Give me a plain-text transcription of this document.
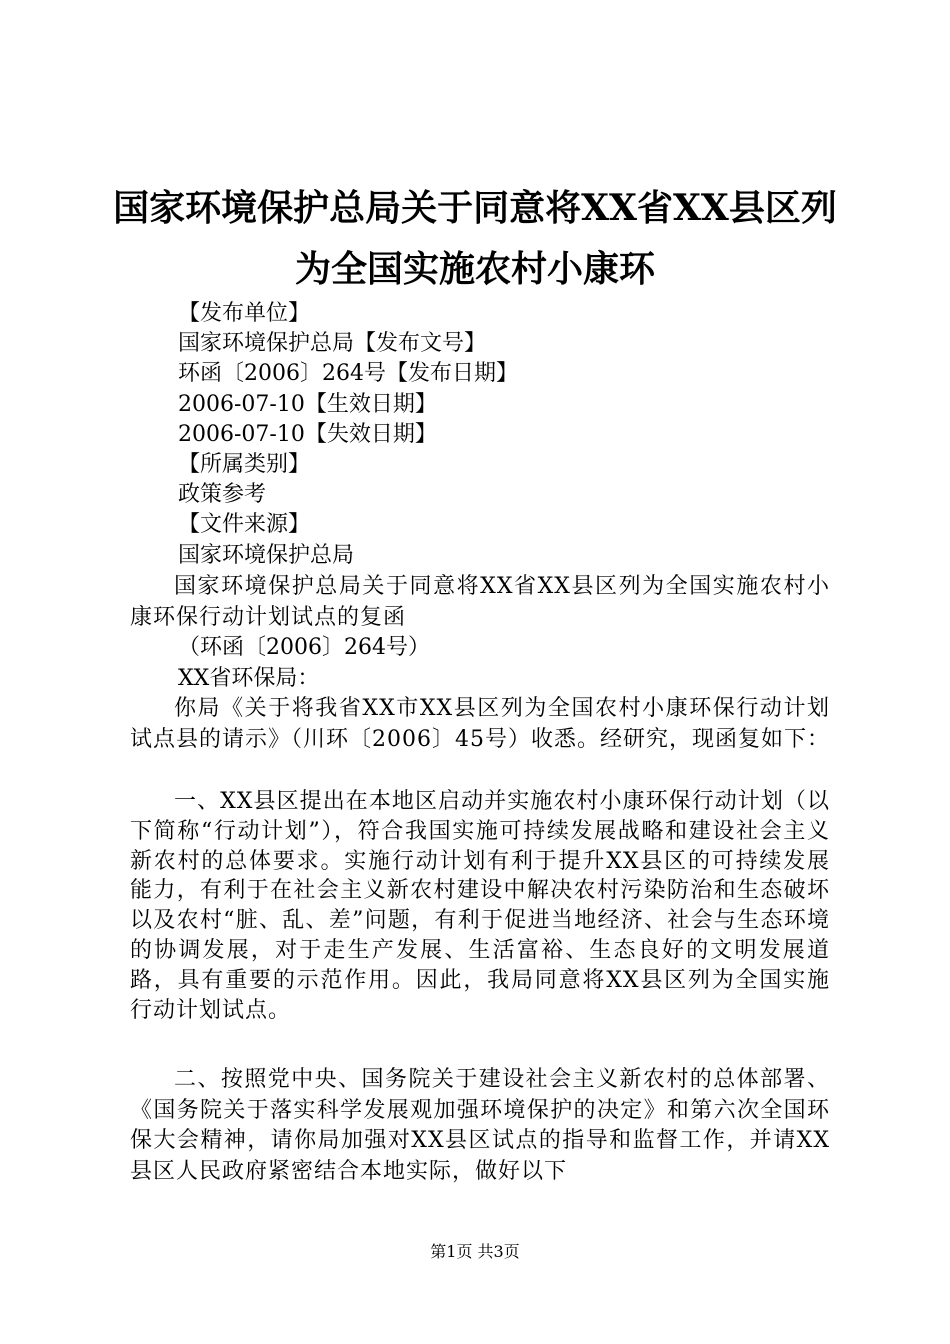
国家环境保护总局关于同意将XX省XX县区列
为全国实施农村小康环
【发布单位】
国家环境保护总局【发布文号】
环函〔2006〕264号【发布日期】
2006-07-10【生效日期】
2006-07-10【失效日期】
【所属类别】
政策参考
【文件来源】
国家环境保护总局

国家环境保护总局关于同意将XX省XX县区列为全国实施农村小康环保行动计划试点的复函

（环函〔2006〕264号）
XX省环保局：

你局《关于将我省XX市XX县区列为全国农村小康环保行动计划试点县的请示》（川环〔2006〕45号）收悉。经研究，现函复如下：

一、XX县区提出在本地区启动并实施农村小康环保行动计划（以下简称“行动计划”），符合我国实施可持续发展战略和建设社会主义新农村的总体要求。实施行动计划有利于提升XX县区的可持续发展能力，有利于在社会主义新农村建设中解决农村污染防治和生态破坏以及农村“脏、乱、差”问题，有利于促进当地经济、社会与生态环境的协调发展，对于走生产发展、生活富裕、生态良好的文明发展道路，具有重要的示范作用。因此，我局同意将XX县区列为全国实施行动计划试点。

二、按照党中央、国务院关于建设社会主义新农村的总体部署、《国务院关于落实科学发展观加强环境保护的决定》和第六次全国环保大会精神，请你局加强对XX县区试点的指导和监督工作，并请XX县区人民政府紧密结合本地实际，做好以下

第1页 共3页
